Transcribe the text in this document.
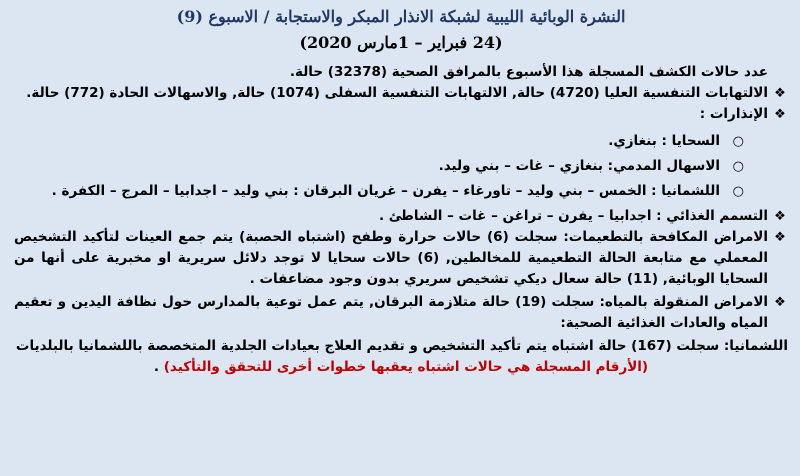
النشرة الوبائية الليبية لشبكة الانذار المبكر والاستجابة / الاسبوع (9)
(24 فبراير – 1مارس 2020)

عدد حالات الكشف المسجلة هذا الأسبوع بالمرافق الصحية (32378) حالة.

❖
الالتهابات التنفسية العليا (4720) حالة, الالتهابات التنفسية السفلى (1074) حالة, والاسهالات الحادة (772) حالة.
❖
الإنذارات :
○
السحايا : بنغازي.
○
الاسهال المدمي: بنغازي – غات – بني وليد.
○
اللشمانيا : الخمس – بني وليد – تاورغاء – يفرن – غريان البرقان : بني وليد – اجدابيا – المرج – الكفرة .
❖
التسمم الغذائي : اجدابيا – يفرن – تراغن – غات – الشاطئ .
❖
الامراض المكافحة بالتطعيمات: سجلت (6) حالات حرارة وطفح (اشتباه الحصبة) يتم جمع العينات لتأكيد التشخيص المعملي مع متابعة الحالة التطعيمية للمخالطين, (6) حالات سحايا لا توجد دلائل سريرية او مخبرية على أنها من السحايا الوبائية, (11) حالة سعال ديكي تشخيص سريري بدون وجود مضاعفات .
❖
الامراض المنقولة بالمياه: سجلت (19) حالة متلازمة البرقان, يتم عمل توعية بالمدارس حول نظافة اليدين و تعقيم المياه والعادات الغذائية الصحية:

اللشمانيا: سجلت (167) حالة اشتباه يتم تأكيد التشخيص و تقديم العلاج بعيادات الجلدية المتخصصة باللشمانيا بالبلديات

(الأرقام المسجلة هي حالات اشتباه يعقبها خطوات أخرى للتحقق والتأكيد) .
